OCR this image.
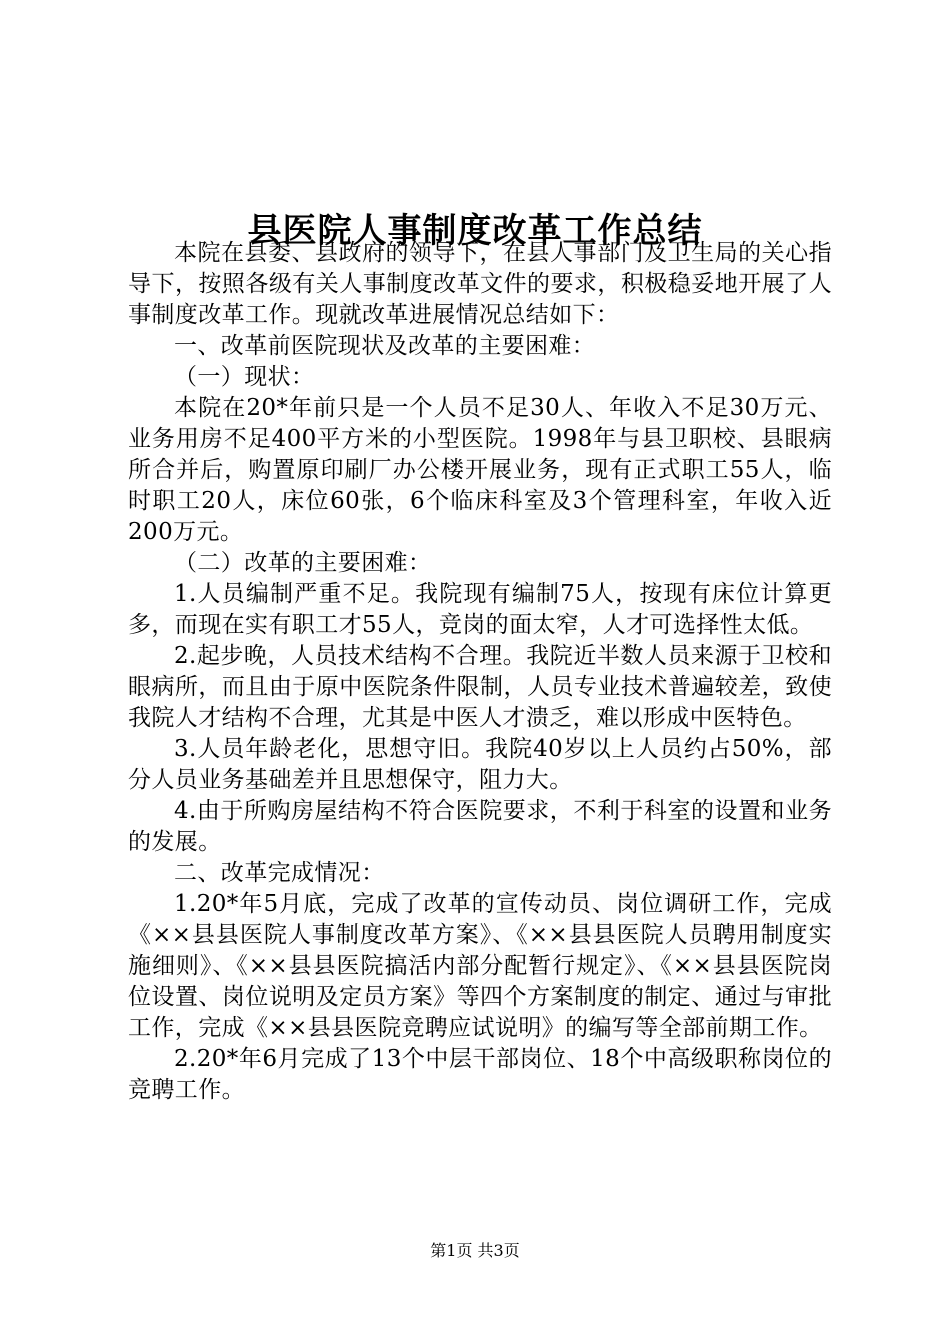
县医院人事制度改革工作总结

本院在县委、县政府的领导下，在县人事部门及卫生局的关心指导下，按照各级有关人事制度改革文件的要求，积极稳妥地开展了人事制度改革工作。现就改革进展情况总结如下：

一、改革前医院现状及改革的主要困难：

（一）现状：

本院在20*年前只是一个人员不足30人、年收入不足30万元、业务用房不足400平方米的小型医院。1998年与县卫职校、县眼病所合并后，购置原印刷厂办公楼开展业务，现有正式职工55人，临时职工20人，床位60张，6个临床科室及3个管理科室，年收入近200万元。

（二）改革的主要困难：

1.人员编制严重不足。我院现有编制75人，按现有床位计算更多，而现在实有职工才55人，竞岗的面太窄，人才可选择性太低。

2.起步晚，人员技术结构不合理。我院近半数人员来源于卫校和眼病所，而且由于原中医院条件限制，人员专业技术普遍较差，致使我院人才结构不合理，尤其是中医人才溃乏，难以形成中医特色。

3.人员年龄老化，思想守旧。我院40岁以上人员约占50%，部分人员业务基础差并且思想保守，阻力大。

4.由于所购房屋结构不符合医院要求，不利于科室的设置和业务的发展。

二、改革完成情况：

1.20*年5月底，完成了改革的宣传动员、岗位调研工作，完成《××县县医院人事制度改革方案》、《××县县医院人员聘用制度实施细则》、《××县县医院搞活内部分配暂行规定》、《××县县医院岗位设置、岗位说明及定员方案》等四个方案制度的制定、通过与审批工作，完成《××县县医院竞聘应试说明》的编写等全部前期工作。

2.20*年6月完成了13个中层干部岗位、18个中高级职称岗位的竞聘工作。

第1页 共3页
